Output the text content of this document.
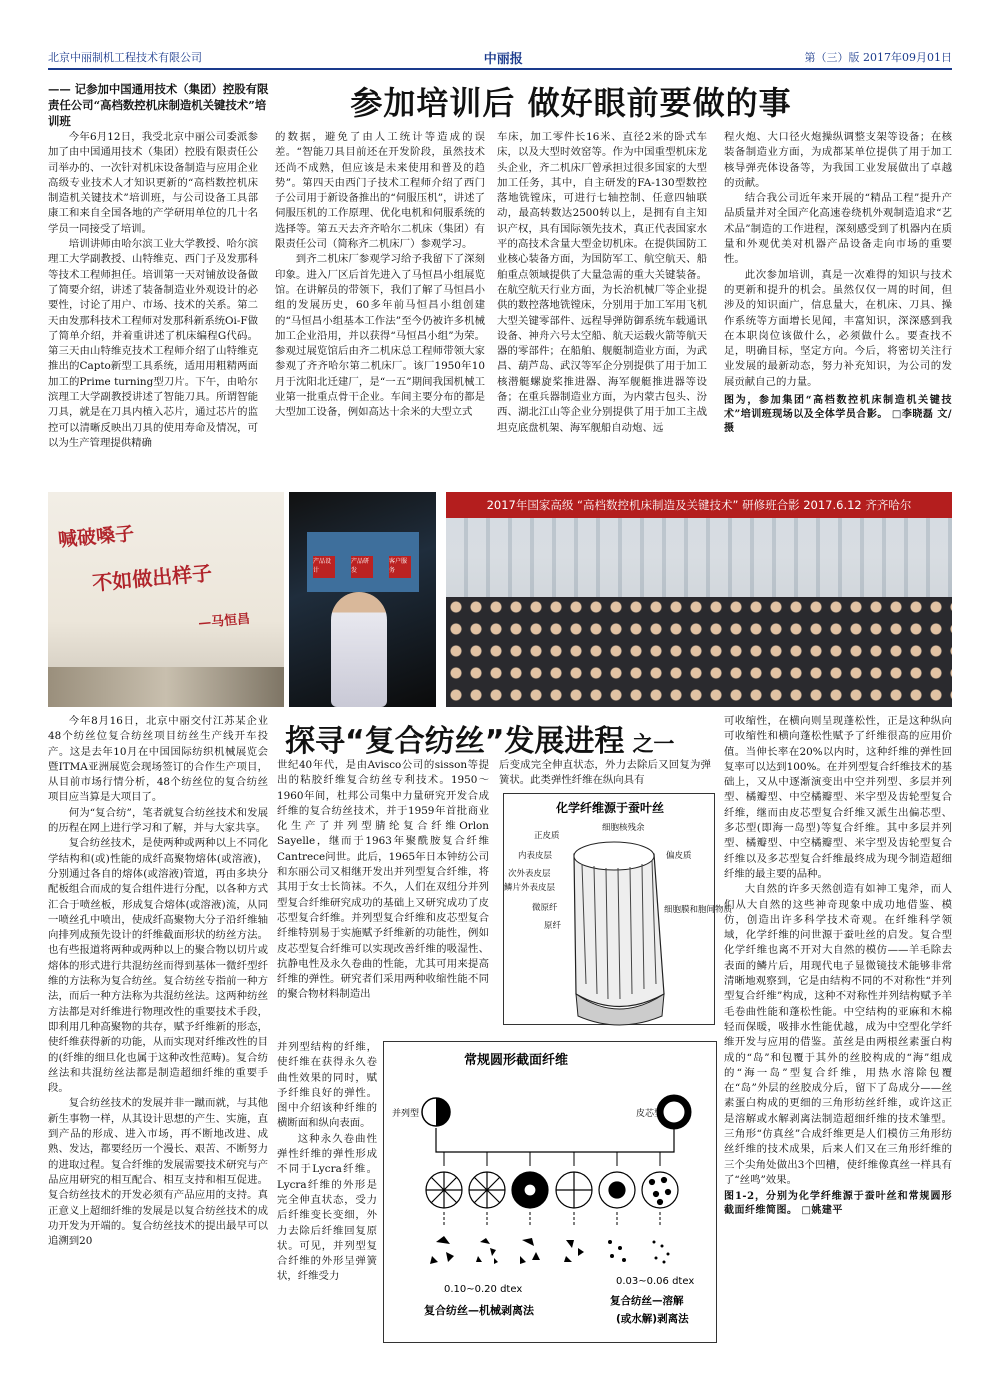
北京中丽制机工程技术有限公司	中丽报	第（三）版 2017年09月01日
—— 记参加中国通用技术（集团）控股有限责任公司“高档数控机床制造机关键技术”培训班	参加培训后 做好眼前要做的事

今年6月12日，我受北京中丽公司委派参加了由中国通用技术（集团）控股有限责任公司举办的、一次针对机床设备制造与应用企业高级专业技术人才知识更新的“高档数控机床制造机关键技术”培训班，与公司设备工具部康工和来自全国各地的产学研用单位的几十名学员一同接受了培训。

培训讲师由哈尔滨工业大学教授、哈尔滨理工大学副教授、山特维克、西门子及发那科等技术工程师担任。培训第一天对铺放设备做了简要介绍，讲述了装备制造业外观设计的必要性，讨论了用户、市场、技术的关系。第二天由发那科技术工程师对发那科新系统Oi-F做了简单介绍，并着重讲述了机床编程G代码。第三天由山特维克技术工程师介绍了山特维克推出的Capto新型工具系统，适用用粗精两面加工的Prime turning型刀片。下午，由哈尔滨理工大学副教授讲述了智能刀具。所谓智能刀具，就是在刀具内植入芯片，通过芯片的监控可以清晰反映出刀具的使用寿命及情况，可以为生产管理提供精确

的数据，避免了由人工统计等造成的误差。“智能刀具目前还在开发阶段，虽然技术还尚不成熟，但应该是未来使用和普及的趋势”。第四天由西门子技术工程师介绍了西门子公司用于新设备推出的“伺服压机”，讲述了伺服压机的工作原理、优化电机和伺服系统的选择等。第五天去齐齐哈尔二机床（集团）有限责任公司（简称齐二机床厂）参观学习。

到齐二机床厂参观学习给予我留下了深刻印象。进入厂区后首先进入了马恒昌小组展览馆。在讲解员的带领下，我们了解了马恒昌小组的发展历史，60多年前马恒昌小组创建的“马恒昌小组基本工作法”至今仍被许多机械加工企业沿用，并以获得“马恒昌小组”为荣。参观过展览馆后由齐二机床总工程师带领大家参观了齐齐哈尔第二机床厂。该厂1950年10月于沈阳北迁建厂，是“一五”期间我国机械工业第一批重点骨干企业。车间主要分布的都是大型加工设备，例如高达十余米的大型立式

车床，加工零件长16米、直径2米的卧式车床，以及大型时效窑等。作为中国重型机床龙头企业，齐二机床厂曾承担过很多国家的大型加工任务，其中，自主研发的FA-130型数控落地铣镗床，可进行七轴控制、任意四轴联动，最高转数达2500转以上，是拥有自主知识产权，具有国际领先技术，真正代表国家水平的高技术含量大型金切机床。在提供国防工业核心装备方面，为国防军工、航空航天、船舶重点领域提供了大量急需的重大关键装备。在航空航天行业方面，为长治机械厂等企业提供的数控落地铣镗床，分别用于加工军用飞机大型关键零部件、远程导弹防御系统车载通讯设备、神舟六号太空船、航天运载火箭等航天器的零部件；在船舶、舰艇制造业方面，为武昌、葫芦岛、武汉等军企分别提供了用于加工核潜艇螺旋桨推进器、海军舰艇推进器等设备；在重兵器制造业方面，为内蒙古包头、汾西、湖北江山等企业分别提供了用于加工主战坦克底盘机架、海军舰船自动炮、远

程火炮、大口径火炮操纵调整支架等设备；在核装备制造业方面，为成都某单位提供了用于加工核导弹壳体设备等，为我国工业发展做出了卓越的贡献。

结合我公司近年来开展的“精品工程”提升产品质量并对全国产化高速卷绕机外观制造追求“艺术品”制造的工作进程，深刻感受到了机器内在质量和外观优美对机器产品设备走向市场的重要性。

此次参加培训，真是一次难得的知识与技术的更新和提升的机会。虽然仅仅一周的时间，但涉及的知识面广，信息量大，在机床、刀具、操作系统等方面增长见闻，丰富知识，深深感到我在本职岗位该做什么，必须做什么。要查找不足，明确目标，坚定方向。今后，将密切关注行业发展的最新动态，努力补充知识，为公司的发展贡献自己的力量。

图为，参加集团“高档数控机床制造机关键技术”培训班现场以及全体学员合影。 □李晓磊 文/摄
喊破嗓子
不如做出样子
—马恒昌
产品设计
产品研发
客户服务
2017年国家高级 “高档数控机床制造及关键技术” 研修班合影 2017.6.12 齐齐哈尔
探寻“复合纺丝”发展进程 之一

今年8月16日，北京中丽交付江苏某企业48个纺丝位复合纺丝项目纺丝生产线开车投产。这是去年10月在中国国际纺织机械展览会暨ITMA亚洲展览会现场签订的合作生产项目，从目前市场行情分析，48个纺丝位的复合纺丝项目应当算是大项目了。

何为“复合纺”，笔者就复合纺丝技术和发展的历程在网上进行学习和了解，并与大家共享。

复合纺丝技术，是使两种或两种以上不同化学结构和(或)性能的成纤高聚物熔体(或溶液)，分别通过各自的熔体(或溶液)管道，再由多块分配板组合而成的复合组件进行分配，以各种方式汇合于喷丝板，形成复合熔体(或溶液)流，从同一喷丝孔中喷出，使成纤高聚物大分子沿纤维轴向排列成预先设计的纤维截面形状的纺丝方法。也有些报道将两种或两种以上的聚合物以切片或熔体的形式进行共混纺丝而得到基体一微纤型纤维的方法称为复合纺丝。复合纺丝专指前一种方法，而后一种方法称为共混纺丝法。这两种纺丝方法都是对纤维进行物理改性的重要技术手段，即利用几种高聚物的共存，赋予纤维新的形态，使纤维获得新的功能，从而实现对纤维改性的目的(纤维的细旦化也属于这种改性范畴)。复合纺丝法和共混纺丝法都是制造超细纤维的重要手段。

复合纺丝技术的发展并非一蹴而就，与其他新生事物一样，从其设计思想的产生、实施，直到产品的形成、进入市场，再不断地改进、成熟、发达，都要经历一个漫长、艰苦、不断努力的进取过程。复合纤维的发展需要技术研究与产品应用研究的相互配合、相互支持和相互促进。复合纺丝技术的开发必须有产品应用的支持。真正意义上超细纤维的发展是以复合纺丝技术的成功开发为开端的。复合纺丝技术的提出最早可以追溯到20

世纪40年代，是由Avisco公司的sisson等提出的粘胶纤维复合纺丝专利技术。1950～1960年间，杜邦公司集中力量研究开发合成纤维的复合纺丝技术，并于1959年首批商业化生产了并列型腈纶复合纤维Orlon Sayelle，继而于1963年聚酰胺复合纤维Cantrece问世。此后，1965年日本钟纺公司和东丽公司又相继开发出并列型复合纤维，将其用于女士长筒袜。不久，人们在双纽分并列型复合纤维研究成功的基础上又研究成功了皮芯型复合纤维。并列型复合纤维和皮芯型复合纤维特别易于实施赋予纤维新的功能性，例如皮芯型复合纤维可以实现改善纤维的吸湿性、抗静电性及永久卷曲的性能，尤其可用来提高纤维的弹性。研究者们采用两种收缩性能不同的聚合物材料制造出

并列型结构的纤维，使纤维在获得永久卷曲性效果的同时，赋予纤维良好的弹性。图中介绍该种纤维的横断面和纵向表面。

这种永久卷曲性弹性纤维的弹性形成不同于Lycra纤维。Lycra纤维的外形是完全伸直状态，受力后纤维变长变细，外力去除后纤维回复原状。可见，并列型复合纤维的外形呈弹簧状，纤维受力

后变成完全伸直状态，外力去除后又回复为弹簧状。此类弹性纤维在纵向具有

可收缩性，在横向则呈现蓬松性，正是这种纵向可收缩性和横向蓬松性赋予了纤维很高的应用价值。当伸长率在20%以内时，这种纤维的弹性回复率可以达到100%。在并列型复合纤维技术的基础上，又从中逐渐演变出中空并列型、多层并列型、橘瓣型、中空橘瓣型、米字型及齿轮型复合纤维，继而由皮芯型复合纤维又派生出偏芯型、多芯型(即海一岛型)等复合纤维。其中多层并列型、橘瓣型、中空橘瓣型、米字型及齿轮型复合纤维以及多芯型复合纤维最终成为现今制造超细纤维的最主要的品种。

大自然的许多天然创造有如神工鬼斧，而人们从大自然的这些神奇现象中成功地借鉴、模仿，创造出许多科学技术奇观。在纤维科学领域，化学纤维的问世源于蚕吐丝的启发。复合型化学纤维也离不开对大自然的模仿——羊毛除去表面的鳞片后，用现代电子显微镜技术能够非常清晰地观察到，它是由结构不同的不对称性“并列型复合纤维”构成，这种不对称性并列结构赋予羊毛卷曲性能和蓬松性能。中空结构的亚麻和木棉轻而保暖，吸排水性能优越，成为中空型化学纤维开发与应用的借鉴。茧丝是由两根丝素蛋白构成的“岛”和包覆于其外的丝胶构成的“海”组成的“海一岛”型复合纤维，用热水溶除包覆在“岛”外层的丝胶成分后，留下了岛成分——丝素蛋白构成的更细的三角形纺丝纤维，或许这正是溶解或水解剥离法制造超细纤维的技术雏型。三角形“仿真丝”合成纤维更是人们模仿三角形纺丝纤维的技术成果，后来人们又在三角形纤维的三个尖角处做出3个凹槽，使纤维像真丝一样具有了“丝鸣”效果。

图1-2，分别为化学纤维源于蚕叶丝和常规圆形截面纤维简图。 □姚建平
化学纤维源于蚕叶丝
正皮质
细胞核残余
内表皮层	偏皮质
次外表皮层
鳞片外表皮层
微原纤
原纤
细胞膜和胞间物质
常规圆形截面纤维
并列型	皮芯型
0.10~0.20 dtex
复合纺丝—机械剥离法
0.03~0.06 dtex
复合纺丝—溶解
(或水解)剥离法
